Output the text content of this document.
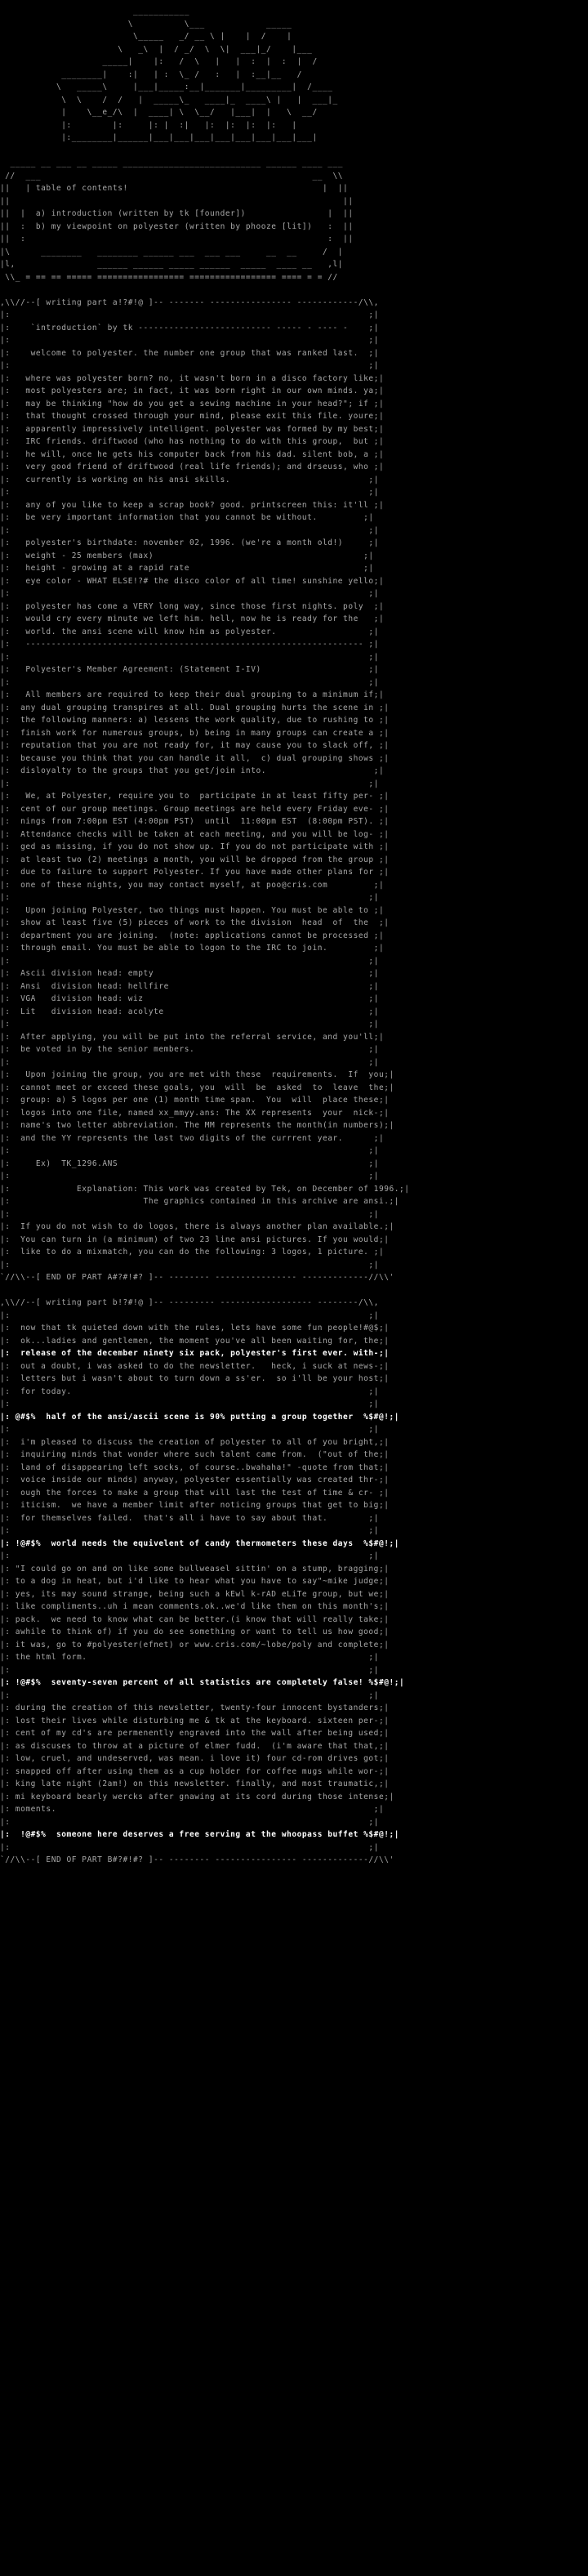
___________
\          \___            _____
\_____   _/ __ \ |    |  /    |
\   _\  |  / _/  \  \|  ___|_/    |___
_____|    |:   /  \   |   |  :  |  :  |  /
________|    :|   | :  \_ /   :   |  :__|__   /
\   _____\     |___|_____:__|_______|_________|  /____
\  \    /  /   |  _____\_   ____|_  ____\ |   |  ___|_
|    \__e_/\  |  ____| \  \__/   |___|  |   \  __/
|:        |:     |: |  :|   |:  |:  |:  |:   |
|:________|______|___|___|___|___|___|___|___|___|
_____ __ ___ __ _____ ___________________________ ______ ____ ___
//  ___                                                     __  \\
||   | table of contents!                                      |  ||
||                                                                 ||
||  |  a) introduction (written by tk [founder])                |  ||
||  :  b) my viewpoint on polyester (written by phooze [lit])   :  ||
||  :                                                           :  ||
|\      ________   ________ ______ ___  ___ ___     __  __     /  |
|l,                ______ ______ _____ ______  _____  ____ __   ,l|
\\_ = == == ===== ================= ================= ==== = = //
,\\//--[ writing part a!?#!@ ]-- ------- ---------------- ------------/\\,
|:                                                                      ;|
|:    `introduction` by tk -------------------------- ----- - ---- -    ;|
|:                                                                      ;|
|:    welcome to polyester. the number one group that was ranked last.  ;|
|:                                                                      ;|
|:   where was polyester born? no, it wasn't born in a disco factory like;|
|:   most polyesters are; in fact, it was born right in our own minds. ya;|
|:   may be thinking "how do you get a sewing machine in your head?"; if ;|
|:   that thought crossed through your mind, please exit this file. youre;|
|:   apparently impressively intelligent. polyester was formed by my best;|
|:   IRC friends. driftwood (who has nothing to do with this group,  but ;|
|:   he will, once he gets his computer back from his dad. silent bob, a ;|
|:   very good friend of driftwood (real life friends); and drseuss, who ;|
|:   currently is working on his ansi skills.                           ;|
|:                                                                      ;|
|:   any of you like to keep a scrap book? good. printscreen this: it'll ;|
|:   be very important information that you cannot be without.         ;|
|:                                                                      ;|
|:   polyester's birthdate: november 02, 1996. (we're a month old!)     ;|
|:   weight - 25 members (max)                                         ;|
|:   height - growing at a rapid rate                                  ;|
|:   eye color - WHAT ELSE!?# the disco color of all time! sunshine yello;|
|:                                                                      ;|
|:   polyester has come a VERY long way, since those first nights. poly  ;|
|:   would cry every minute we left him. hell, now he is ready for the   ;|
|:   world. the ansi scene will know him as polyester.                  ;|
|:   ------------------------------------------------------------------ ;|
|:                                                                      ;|
|:   Polyester's Member Agreement: (Statement I-IV)                     ;|
|:                                                                      ;|
|:   All members are required to keep their dual grouping to a minimum if;|
|:  any dual grouping transpires at all. Dual grouping hurts the scene in ;|
|:  the following manners: a) lessens the work quality, due to rushing to ;|
|:  finish work for numerous groups, b) being in many groups can create a ;|
|:  reputation that you are not ready for, it may cause you to slack off, ;|
|:  because you think that you can handle it all,  c) dual grouping shows ;|
|:  disloyalty to the groups that you get/join into.                     ;|
|:                                                                      ;|
|:   We, at Polyester, require you to  participate in at least fifty per- ;|
|:  cent of our group meetings. Group meetings are held every Friday eve- ;|
|:  nings from 7:00pm EST (4:00pm PST)  until  11:00pm EST  (8:00pm PST). ;|
|:  Attendance checks will be taken at each meeting, and you will be log- ;|
|:  ged as missing, if you do not show up. If you do not participate with ;|
|:  at least two (2) meetings a month, you will be dropped from the group ;|
|:  due to failure to support Polyester. If you have made other plans for ;|
|:  one of these nights, you may contact myself, at poo@cris.com         ;|
|:                                                                      ;|
|:   Upon joining Polyester, two things must happen. You must be able to ;|
|:  show at least five (5) pieces of work to the division  head  of  the  ;|
|:  department you are joining.  (note: applications cannot be processed ;|
|:  through email. You must be able to logon to the IRC to join.         ;|
|:                                                                      ;|
|:  Ascii division head: empty                                          ;|
|:  Ansi  division head: hellfire                                       ;|
|:  VGA   division head: wiz                                            ;|
|:  Lit   division head: acolyte                                        ;|
|:                                                                      ;|
|:  After applying, you will be put into the referral service, and you'll;|
|:  be voted in by the senior members.                                  ;|
|:                                                                      ;|
|:   Upon joining the group, you are met with these  requirements.  If  you;|
|:  cannot meet or exceed these goals, you  will  be  asked  to  leave  the;|
|:  group: a) 5 logos per one (1) month time span.  You  will  place these;|
|:  logos into one file, named xx_mmyy.ans: The XX represents  your  nick-;|
|:  name's two letter abbreviation. The MM represents the month(in numbers);|
|:  and the YY represents the last two digits of the currrent year.      ;|
|:                                                                      ;|
|:     Ex)  TK_1296.ANS                                                 ;|
|:                                                                      ;|
|:             Explanation: This work was created by Tek, on December of 1996.;|
|:                          The graphics contained in this archive are ansi.;|
|:                                                                      ;|
|:  If you do not wish to do logos, there is always another plan available.;|
|:  You can turn in (a minimum) of two 23 line ansi pictures. If you would;|
|:  like to do a mixmatch, you can do the following: 3 logos, 1 picture. ;|
|:                                                                      ;|
`//\\--[ END OF PART A#?#!#? ]-- -------- ---------------- -------------//\\'
,\\//--[ writing part b!?#!@ ]-- --------- ------------------ --------/\\,
|:                                                                      ;|
|:  now that tk quieted down with the rules, lets have some fun people!#@$;|
|:  ok...ladies and gentlemen, the moment you've all been waiting for, the;|
|:  release of the december ninety six pack, polyester's first ever. with-;|
|:  out a doubt, i was asked to do the newsletter.   heck, i suck at news-;|
|:  letters but i wasn't about to turn down a ss'er.  so i'll be your host;|
|:  for today.                                                          ;|
|:                                                                      ;|
|: @#$%  half of the ansi/ascii scene is 90% putting a group together  %$#@!;|
|:                                                                      ;|
|:  i'm pleased to discuss the creation of polyester to all of you bright,;|
|:  inquiring minds that wonder where such talent came from.  ("out of the;|
|:  land of disappearing left socks, of course..bwahaha!" -quote from that;|
|:  voice inside our minds) anyway, polyester essentially was created thr-;|
|:  ough the forces to make a group that will last the test of time & cr- ;|
|:  iticism.  we have a member limit after noticing groups that get to big;|
|:  for themselves failed.  that's all i have to say about that.        ;|
|:                                                                      ;|
|: !@#$%  world needs the equivelent of candy thermometers these days  %$#@!;|
|:                                                                      ;|
|: "I could go on and on like some bullweasel sittin' on a stump, bragging;|
|: to a dog in heat, but i'd like to hear what you have to say"~mike judge;|
|: yes, its may sound strange, being such a kEwl k-rAD eLiTe group, but we;|
|: like compliments..uh i mean comments.ok..we'd like them on this month's;|
|: pack.  we need to know what can be better.(i know that will really take;|
|: awhile to think of) if you do see something or want to tell us how good;|
|: it was, go to #polyester(efnet) or www.cris.com/~lobe/poly and complete;|
|: the html form.                                                       ;|
|:                                                                      ;|
|: !@#$%  seventy-seven percent of all statistics are completely false! %$#@!;|
|:                                                                      ;|
|: during the creation of this newsletter, twenty-four innocent bystanders;|
|: lost their lives while disturbing me & tk at the keyboard. sixteen per-;|
|: cent of my cd's are permenently engraved into the wall after being used;|
|: as discuses to throw at a picture of elmer fudd.  (i'm aware that that,;|
|: low, cruel, and undeserved, was mean. i love it) four cd-rom drives got;|
|: snapped off after using them as a cup holder for coffee mugs while wor-;|
|: king late night (2am!) on this newsletter. finally, and most traumatic,;|
|: mi keyboard bearly wercks after gnawing at its cord during those intense;|
|: moments.                                                              ;|
|:                                                                      ;|
|:  !@#$%  someone here deserves a free serving at the whoopass buffet %$#@!;|
|:                                                                      ;|
`//\\--[ END OF PART B#?#!#? ]-- -------- ---------------- -------------//\\'
